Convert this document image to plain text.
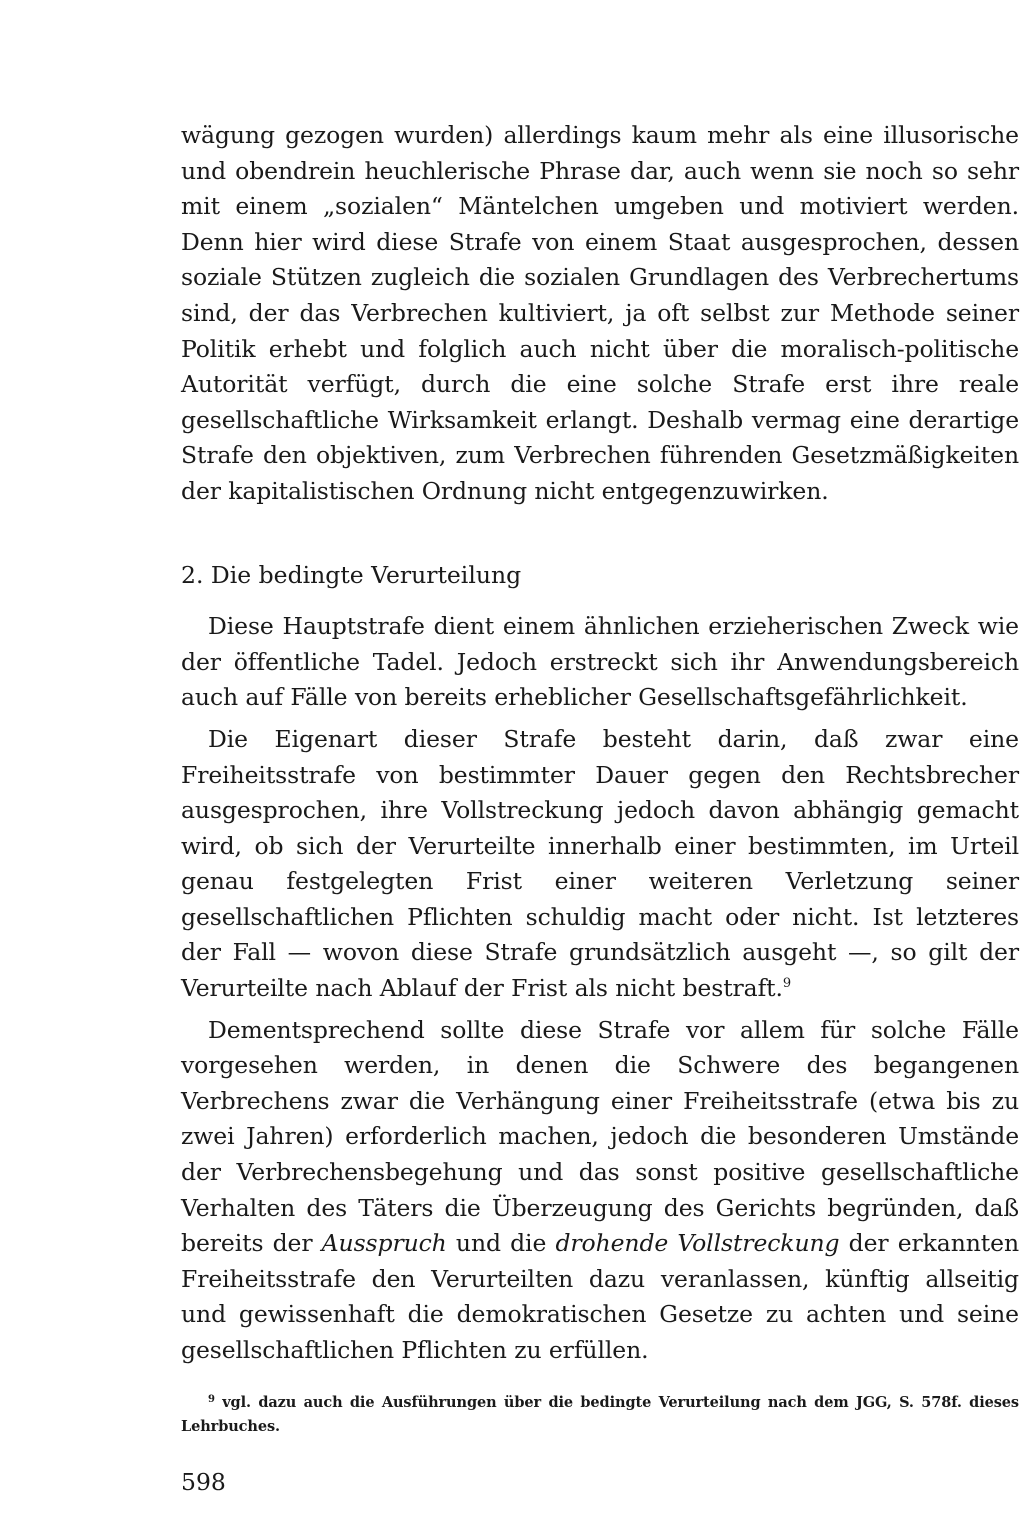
wägung gezogen wurden) allerdings kaum mehr als eine illusorische und obendrein heuchlerische Phrase dar, auch wenn sie noch so sehr mit einem „sozialen“ Mäntelchen umgeben und motiviert werden. Denn hier wird diese Strafe von einem Staat ausgesprochen, dessen soziale Stützen zugleich die sozialen Grundlagen des Verbrechertums sind, der das Verbrechen kultiviert, ja oft selbst zur Methode seiner Politik erhebt und folglich auch nicht über die moralisch-politische Autorität verfügt, durch die eine solche Strafe erst ihre reale gesellschaftliche Wirksamkeit erlangt. Deshalb vermag eine derartige Strafe den objektiven, zum Verbrechen führenden Gesetzmäßigkeiten der kapitalistischen Ordnung nicht entgegenzuwirken.

2. Die bedingte Verurteilung

Diese Hauptstrafe dient einem ähnlichen erzieherischen Zweck wie der öffentliche Tadel. Jedoch erstreckt sich ihr Anwendungsbereich auch auf Fälle von bereits erheblicher Gesellschaftsgefährlichkeit.

Die Eigenart dieser Strafe besteht darin, daß zwar eine Freiheitsstrafe von bestimmter Dauer gegen den Rechtsbrecher ausgesprochen, ihre Vollstreckung jedoch davon abhängig gemacht wird, ob sich der Verurteilte innerhalb einer bestimmten, im Urteil genau festgelegten Frist einer weiteren Verletzung seiner gesellschaftlichen Pflichten schuldig macht oder nicht. Ist letzteres der Fall — wovon diese Strafe grundsätzlich ausgeht —, so gilt der Verurteilte nach Ablauf der Frist als nicht bestraft.$^9$

Dementsprechend sollte diese Strafe vor allem für solche Fälle vorgesehen werden, in denen die Schwere des begangenen Verbrechens zwar die Verhängung einer Freiheitsstrafe (etwa bis zu zwei Jahren) erforderlich machen, jedoch die besonderen Umstände der Verbrechensbegehung und das sonst positive gesellschaftliche Verhalten des Täters die Überzeugung des Gerichts begründen, daß bereits der Ausspruch und die drohende Vollstreckung der erkannten Freiheitsstrafe den Verurteilten dazu veranlassen, künftig allseitig und gewissenhaft die demokratischen Gesetze zu achten und seine gesellschaftlichen Pflichten zu erfüllen.

$^9$ vgl. dazu auch die Ausführungen über die bedingte Verurteilung nach dem JGG, S. 578f. dieses Lehrbuches.

598
